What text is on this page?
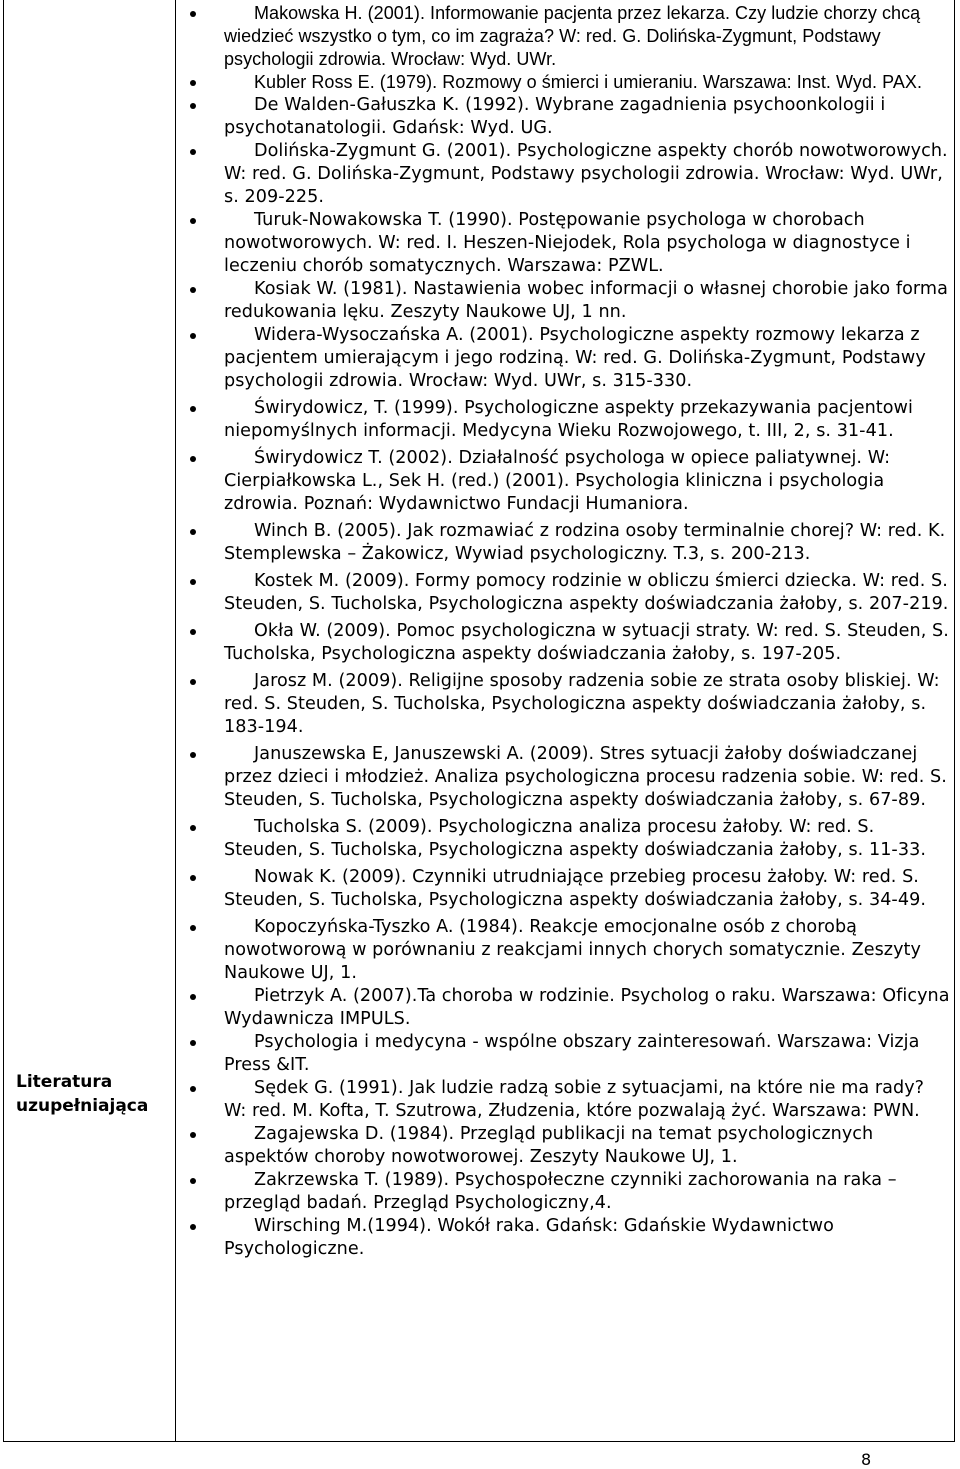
Literatura uzupełniająca
Makowska H. (2001). Informowanie pacjenta przez lekarza. Czy ludzie chorzy chcą wiedzieć wszystko o tym, co im zagraża? W: red. G. Dolińska-Zygmunt, Podstawy psychologii zdrowia. Wrocław: Wyd. UWr.
Kubler Ross E. (1979). Rozmowy o śmierci i umieraniu. Warszawa: Inst. Wyd. PAX.
De Walden-Gałuszka K. (1992). Wybrane zagadnienia psychoonkologii i psychotanatologii. Gdańsk: Wyd. UG.
Dolińska-Zygmunt G. (2001). Psychologiczne aspekty chorób nowotworowych. W: red. G. Dolińska-Zygmunt, Podstawy psychologii zdrowia. Wrocław: Wyd. UWr, s. 209-225.
Turuk-Nowakowska T. (1990). Postępowanie psychologa w chorobach nowotworowych. W: red. I. Heszen-Niejodek, Rola psychologa w diagnostyce i leczeniu chorób somatycznych. Warszawa: PZWL.
Kosiak W. (1981). Nastawienia wobec informacji o własnej chorobie jako forma redukowania lęku. Zeszyty Naukowe UJ, 1 nn.
Widera-Wysoczańska A. (2001). Psychologiczne aspekty rozmowy lekarza z pacjentem umierającym i jego rodziną. W: red. G. Dolińska-Zygmunt, Podstawy psychologii zdrowia. Wrocław: Wyd. UWr, s. 315-330.
Świrydowicz, T. (1999). Psychologiczne aspekty przekazywania pacjentowi niepomyślnych informacji. Medycyna Wieku Rozwojowego, t. III, 2, s. 31-41.
Świrydowicz T. (2002). Działalność psychologa w opiece paliatywnej. W: Cierpiałkowska L., Sek H. (red.) (2001). Psychologia kliniczna i psychologia zdrowia. Poznań: Wydawnictwo Fundacji Humaniora.
Winch B. (2005). Jak rozmawiać z rodzina osoby terminalnie chorej? W: red. K. Stemplewska – Żakowicz, Wywiad psychologiczny. T.3, s. 200-213.
Kostek M. (2009). Formy pomocy rodzinie w obliczu śmierci dziecka. W: red. S. Steuden, S. Tucholska, Psychologiczna aspekty doświadczania żałoby, s. 207-219.
Okła W. (2009). Pomoc psychologiczna w sytuacji straty. W: red. S. Steuden, S. Tucholska, Psychologiczna aspekty doświadczania żałoby, s. 197-205.
Jarosz M. (2009). Religijne sposoby radzenia sobie ze strata osoby bliskiej. W: red. S. Steuden, S. Tucholska, Psychologiczna aspekty doświadczania żałoby, s. 183-194.
Januszewska E, Januszewski A. (2009). Stres sytuacji żałoby doświadczanej przez dzieci i młodzież. Analiza psychologiczna procesu radzenia sobie. W: red. S. Steuden, S. Tucholska, Psychologiczna aspekty doświadczania żałoby, s. 67-89.
Tucholska S. (2009). Psychologiczna analiza procesu żałoby. W: red. S. Steuden, S. Tucholska, Psychologiczna aspekty doświadczania żałoby, s. 11-33.
Nowak K. (2009). Czynniki utrudniające przebieg procesu żałoby. W: red. S. Steuden, S. Tucholska, Psychologiczna aspekty doświadczania żałoby, s. 34-49.
Kopoczyńska-Tyszko A. (1984). Reakcje emocjonalne osób z chorobą nowotworową w porównaniu z reakcjami innych chorych somatycznie. Zeszyty Naukowe UJ, 1.
Pietrzyk A. (2007).Ta choroba w rodzinie. Psycholog o raku. Warszawa: Oficyna Wydawnicza IMPULS.
Psychologia i medycyna - wspólne obszary zainteresowań. Warszawa: Vizja Press &IT.
Sędek G. (1991). Jak ludzie radzą sobie z sytuacjami, na które nie ma rady? W: red. M. Kofta, T. Szutrowa, Złudzenia, które pozwalają żyć. Warszawa: PWN.
Zagajewska D. (1984). Przegląd publikacji na temat psychologicznych aspektów choroby nowotworowej. Zeszyty Naukowe UJ, 1.
Zakrzewska T. (1989). Psychospołeczne czynniki zachorowania na raka – przegląd badań. Przegląd Psychologiczny,4.
Wirsching M.(1994). Wokół raka. Gdańsk: Gdańskie Wydawnictwo Psychologiczne.
8
